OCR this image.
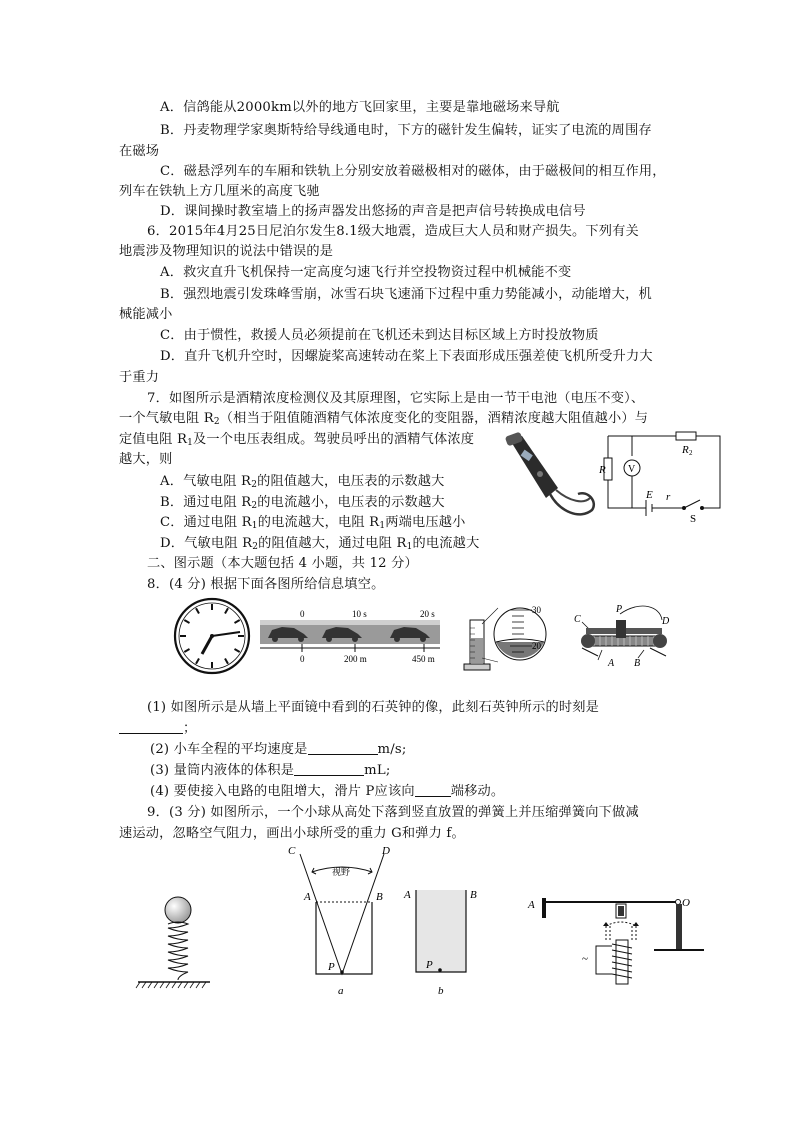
A．信鸽能从2000km以外的地方飞回家里，主要是靠地磁场来导航
B．丹麦物理学家奥斯特给导线通电时，下方的磁针发生偏转，证实了电流的周围存
在磁场
C．磁悬浮列车的车厢和铁轨上分别安放着磁极相对的磁体，由于磁极间的相互作用，
列车在铁轨上方几厘米的高度飞驰
D．课间操时教室墙上的扬声器发出悠扬的声音是把声信号转换成电信号
6．2015年4月25日尼泊尔发生8.1级大地震，造成巨大人员和财产损失。下列有关
地震涉及物理知识的说法中错误的是
A．救灾直升飞机保持一定高度匀速飞行并空投物资过程中机械能不变
B．强烈地震引发珠峰雪崩，冰雪石块飞速涌下过程中重力势能减小，动能增大，机
械能减小
C．由于惯性，救援人员必须提前在飞机还未到达目标区域上方时投放物质
D．直升飞机升空时，因螺旋桨高速转动在桨上下表面形成压强差使飞机所受升力大
于重力
7．如图所示是酒精浓度检测仪及其原理图，它实际上是由一节干电池（电压不变）、
一个气敏电阻 $R_2$（相当于阻值随酒精气体浓度变化的变阻器，酒精浓度越大阻值越小）与
定值电阻 $R_1$及一个电压表组成。驾驶员呼出的酒精气体浓度
越大，则
A．气敏电阻 $R_2$的阻值越大，电压表的示数越大
B．通过电阻 $R_2$的电流越小，电压表的示数越大
C．通过电阻 $R_1$的电流越大，电阻 $R_1$两端电压越小
D．气敏电阻 $R_2$的阻值越大，通过电阻 $R_1$的电流越大
R
R 2
V
E r
S
二、图示题（本大题包括 4 小题，共 12 分）
8．(4 分) 根据下面各图所给信息填空。
0	10 s	20 s
0	200 m	450 m
30
20
P
C	D
A B
(1) 如图所示是从墙上平面镜中看到的石英钟的像，此刻石英钟所示的时刻是
；
(2) 小车全程的平均速度是	m/s;
(3) 量筒内液体的体积是	mL;
(4) 要使接入电路的电阻增大，滑片 P应该向	端移动。
9．(3 分) 如图所示，一个小球从高处下落到竖直放置的弹簧上并压缩弹簧向下做减
速运动，忽略空气阻力，画出小球所受的重力 G和弹力 f。
C	D
视野
A	B
P
a
A	B
P
b
A	O
~
